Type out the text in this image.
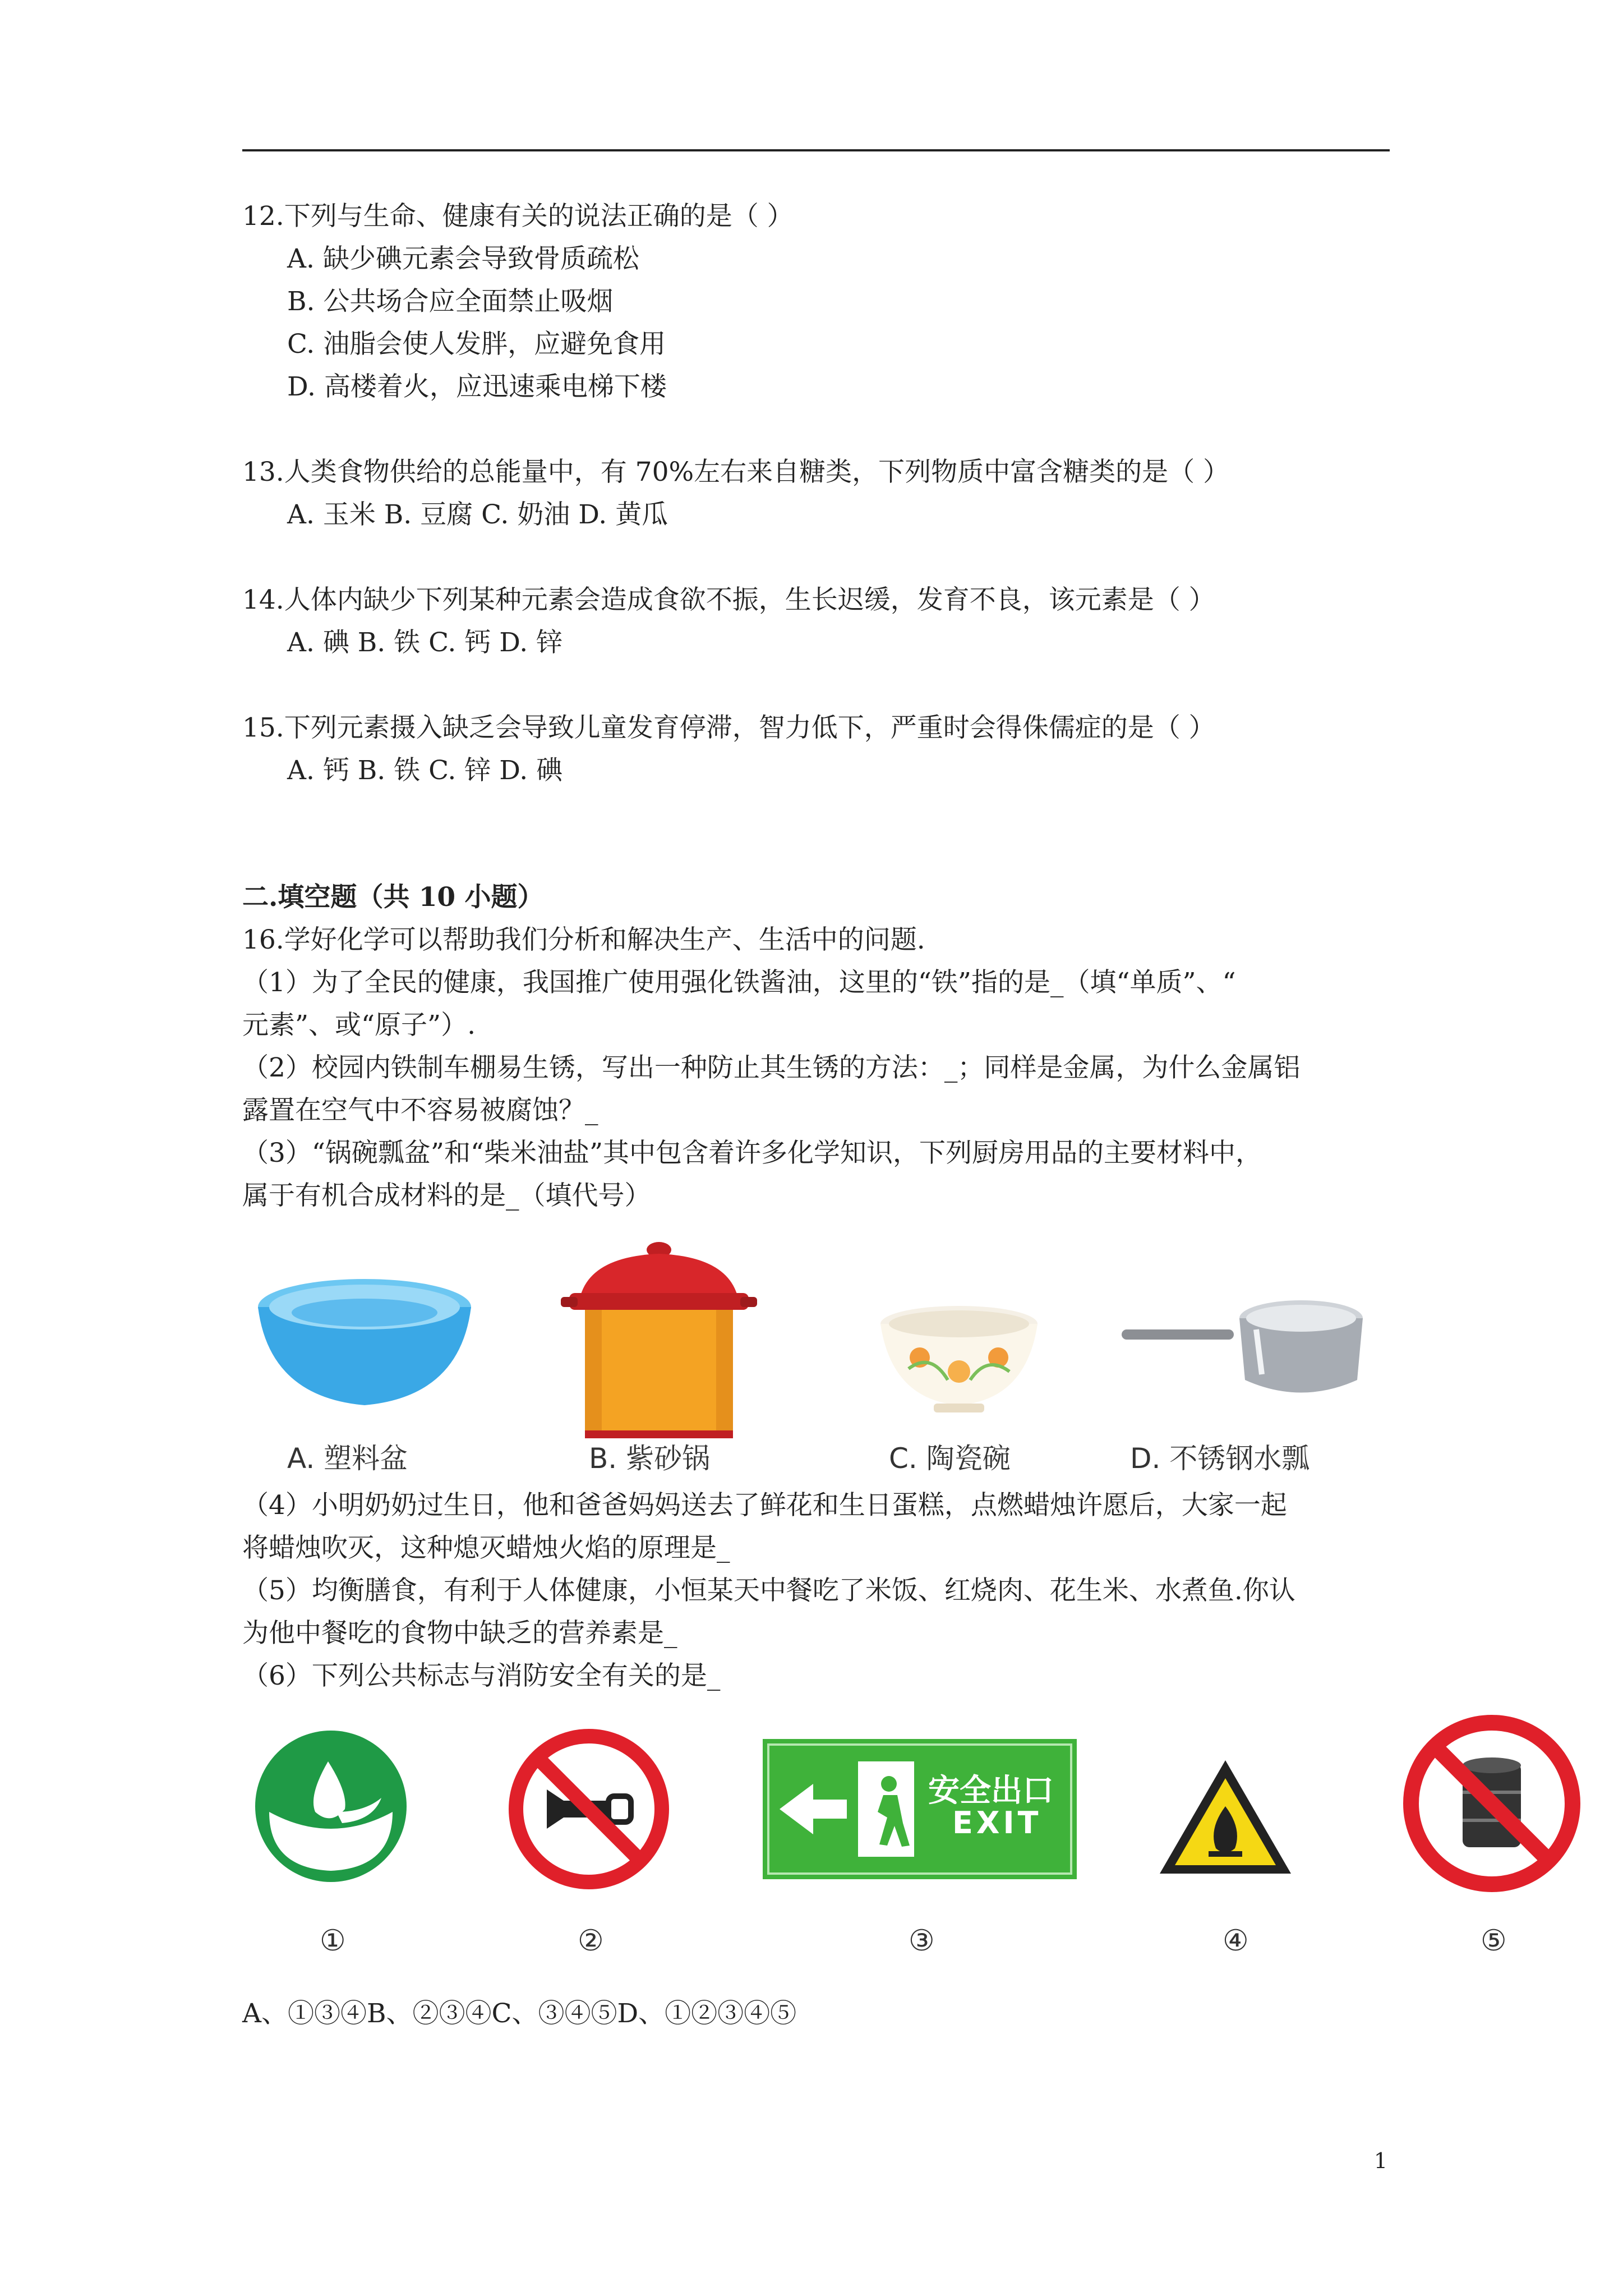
12.下列与生命、健康有关的说法正确的是（ ）
A. 缺少碘元素会导致骨质疏松
B. 公共场合应全面禁止吸烟
C. 油脂会使人发胖，应避免食用
D. 高楼着火，应迅速乘电梯下楼
13.人类食物供给的总能量中，有 70%左右来自糖类，下列物质中富含糖类的是（ ）
A. 玉米 B. 豆腐 C. 奶油 D. 黄瓜
14.人体内缺少下列某种元素会造成食欲不振，生长迟缓，发育不良，该元素是（ ）
A. 碘 B. 铁 C. 钙 D. 锌
15.下列元素摄入缺乏会导致儿童发育停滞，智力低下，严重时会得侏儒症的是（ ）
A. 钙 B. 铁 C. 锌 D. 碘
二.填空题（共 10 小题）
16.学好化学可以帮助我们分析和解决生产、生活中的问题.
（1）为了全民的健康，我国推广使用强化铁酱油，这里的“铁”指的是_（填“单质”、“
元素”、或“原子”）.
（2）校园内铁制车棚易生锈，写出一种防止其生锈的方法：_；同样是金属，为什么金属铝
露置在空气中不容易被腐蚀？_
（3）“锅碗瓢盆”和“柴米油盐”其中包含着许多化学知识，下列厨房用品的主要材料中，
属于有机合成材料的是_（填代号）
A. 塑料盆	B. 紫砂锅	C. 陶瓷碗	D. 不锈钢水瓢
（4）小明奶奶过生日，他和爸爸妈妈送去了鲜花和生日蛋糕，点燃蜡烛许愿后，大家一起
将蜡烛吹灭，这种熄灭蜡烛火焰的原理是_
（5）均衡膳食，有利于人体健康，小恒某天中餐吃了米饭、红烧肉、花生米、水煮鱼.你认
为他中餐吃的食物中缺乏的营养素是_
（6）下列公共标志与消防安全有关的是_
安全出口
EXIT
①	②	③	④	⑤
A、①③④B、②③④C、③④⑤D、①②③④⑤
1
